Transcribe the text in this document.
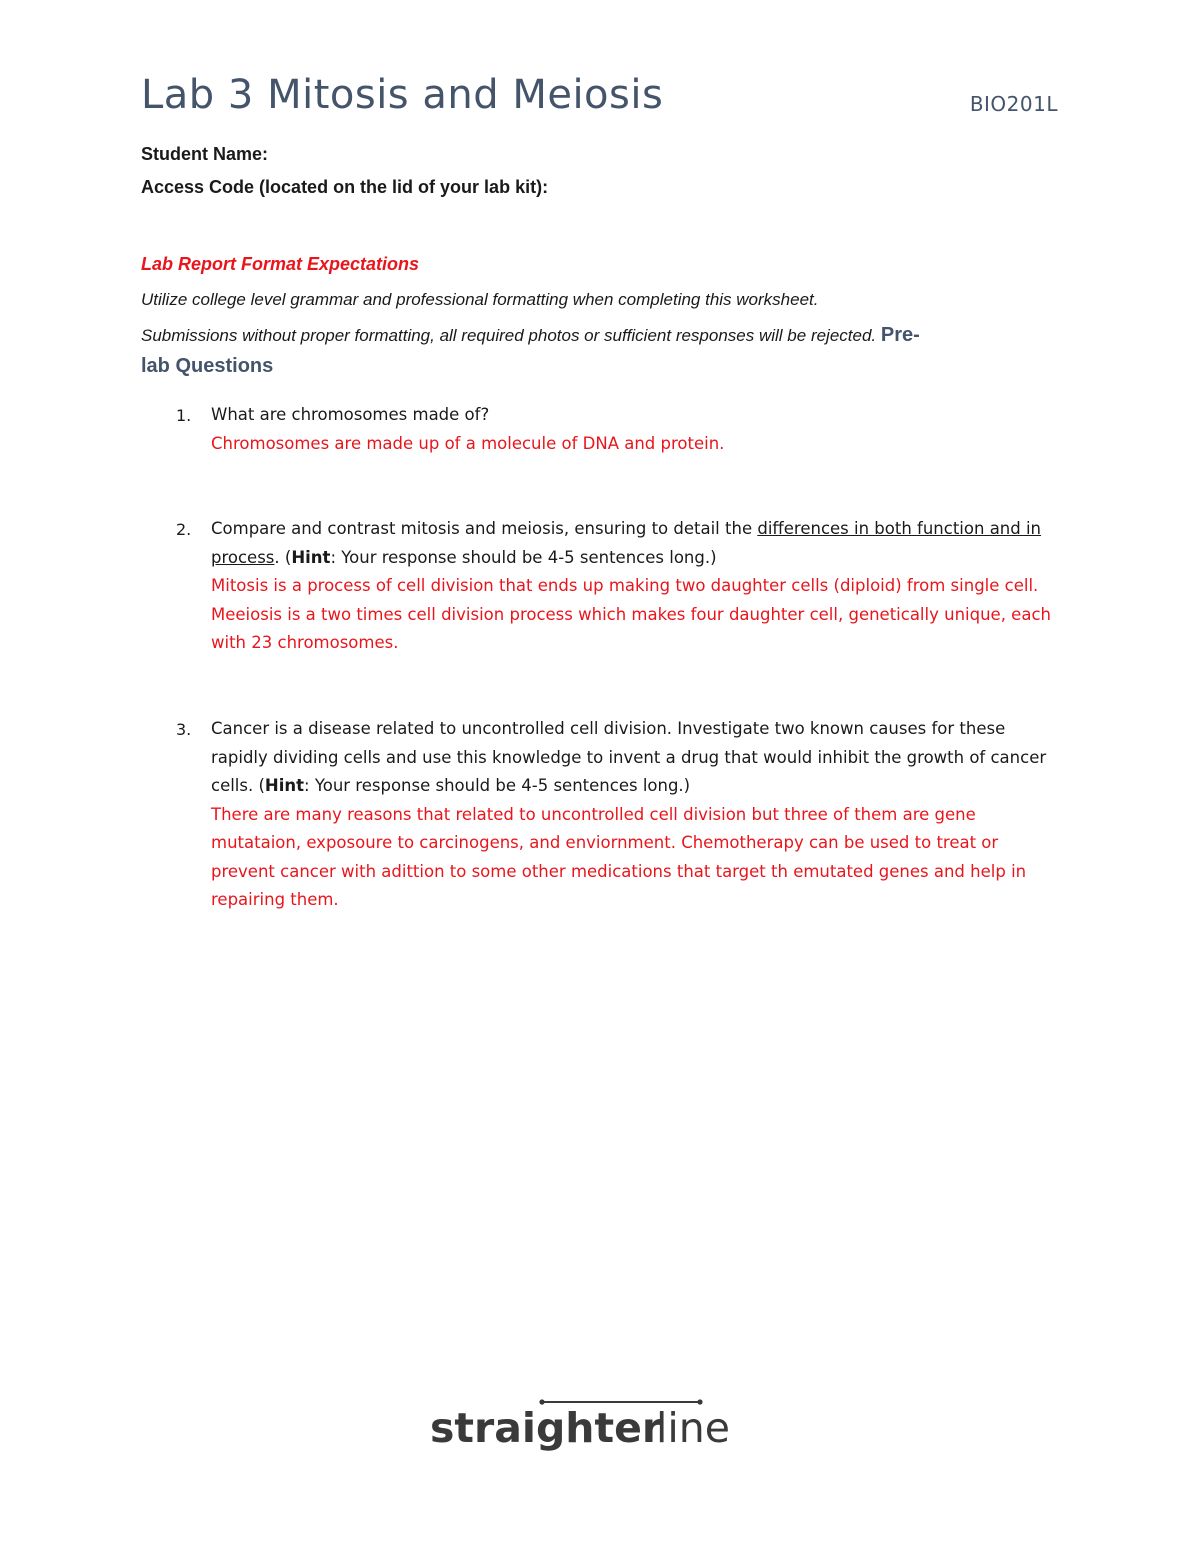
Lab 3 Mitosis and Meiosis	BIO201L
Student Name:
Access Code (located on the lid of your lab kit):
Lab Report Format Expectations
Utilize college level grammar and professional formatting when completing this worksheet.
Submissions without proper formatting, all required photos or sufficient responses will be rejected. Pre-
lab Questions
1. What are chromosomes made of?
Chromosomes are made up of a molecule of DNA and protein.
2. Compare and contrast mitosis and meiosis, ensuring to detail the differences in both function and in process. (Hint: Your response should be 4-5 sentences long.)
Mitosis is a process of cell division that ends up making two daughter cells (diploid) from single cell. Meeiosis is a two times cell division process which makes four daughter cell, genetically unique, each with 23 chromosomes.
3. Cancer is a disease related to uncontrolled cell division. Investigate two known causes for these rapidly dividing cells and use this knowledge to invent a drug that would inhibit the growth of cancer cells. (Hint: Your response should be 4-5 sentences long.)
There are many reasons that related to uncontrolled cell division but three of them are gene mutataion, exposoure to carcinogens, and enviornment. Chemotherapy can be used to treat or prevent cancer with adittion to some other medications that target th emutated genes and help in repairing them.
straighter
line
